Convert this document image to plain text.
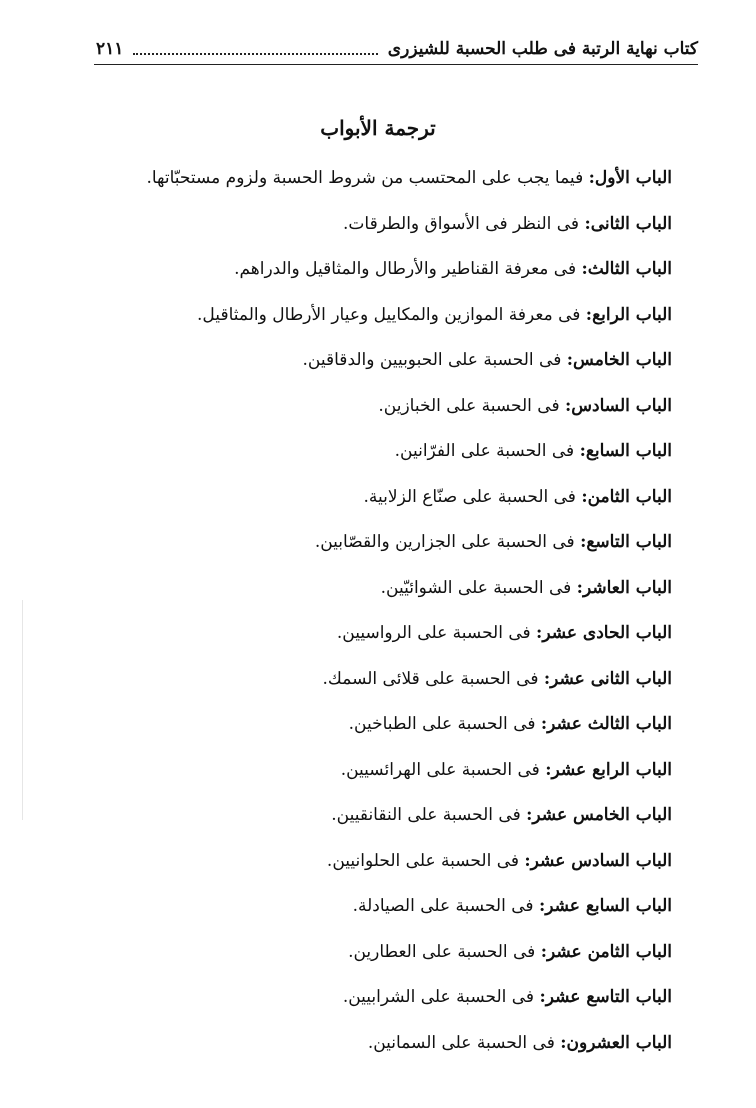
كتاب نهاية الرتبة فى طلب الحسبة للشيزرى
٢١١
ترجمة الأبواب
الباب الأول: فيما يجب على المحتسب من شروط الحسبة ولزوم مستحبّاتها.
الباب الثانى: فى النظر فى الأسواق والطرقات.
الباب الثالث: فى معرفة القناطير والأرطال والمثاقيل والدراهم.
الباب الرابع: فى معرفة الموازين والمكاييل وعيار الأرطال والمثاقيل.
الباب الخامس: فى الحسبة على الحبوبيين والدقاقين.
الباب السادس: فى الحسبة على الخبازين.
الباب السابع: فى الحسبة على الفرّانين.
الباب الثامن: فى الحسبة على صنّاع الزلابية.
الباب التاسع: فى الحسبة على الجزارين والقصّابين.
الباب العاشر: فى الحسبة على الشوائيّين.
الباب الحادى عشر: فى الحسبة على الرواسيين.
الباب الثانى عشر: فى الحسبة على قلائى السمك.
الباب الثالث عشر: فى الحسبة على الطباخين.
الباب الرابع عشر: فى الحسبة على الهرائسيين.
الباب الخامس عشر: فى الحسبة على النقانقيين.
الباب السادس عشر: فى الحسبة على الحلوانيين.
الباب السابع عشر: فى الحسبة على الصيادلة.
الباب الثامن عشر: فى الحسبة على العطارين.
الباب التاسع عشر: فى الحسبة على الشرابيين.
الباب العشرون: فى الحسبة على السمانين.
